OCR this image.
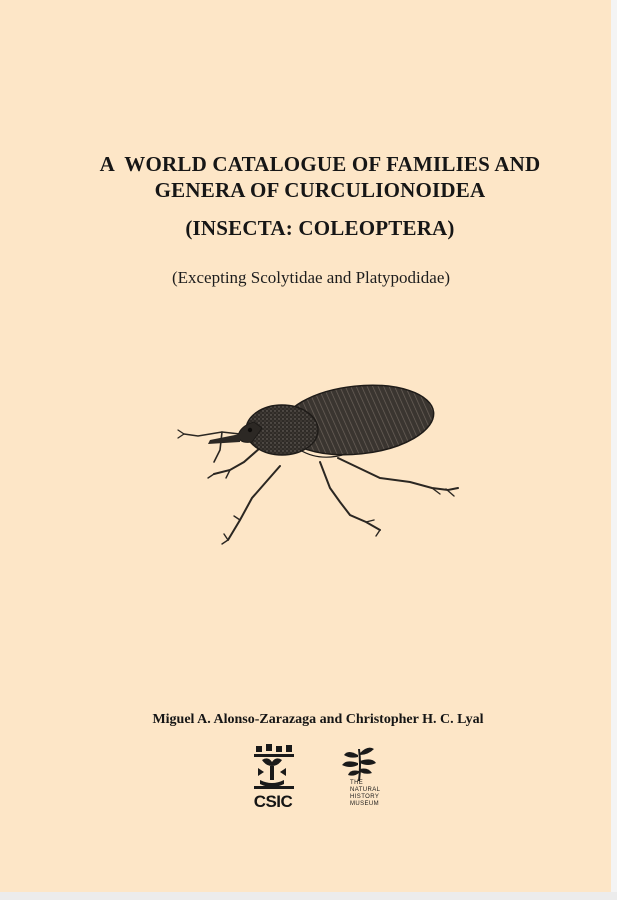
A  WORLD CATALOGUE OF FAMILIES AND
GENERA OF CURCULIONOIDEA
(INSECTA: COLEOPTERA)
(Excepting Scolytidae and Platypodidae)
Miguel A. Alonso-Zarazaga and Christopher H. C. Lyal
CSIC
THE
NATURAL
HISTORY
MUSEUM
